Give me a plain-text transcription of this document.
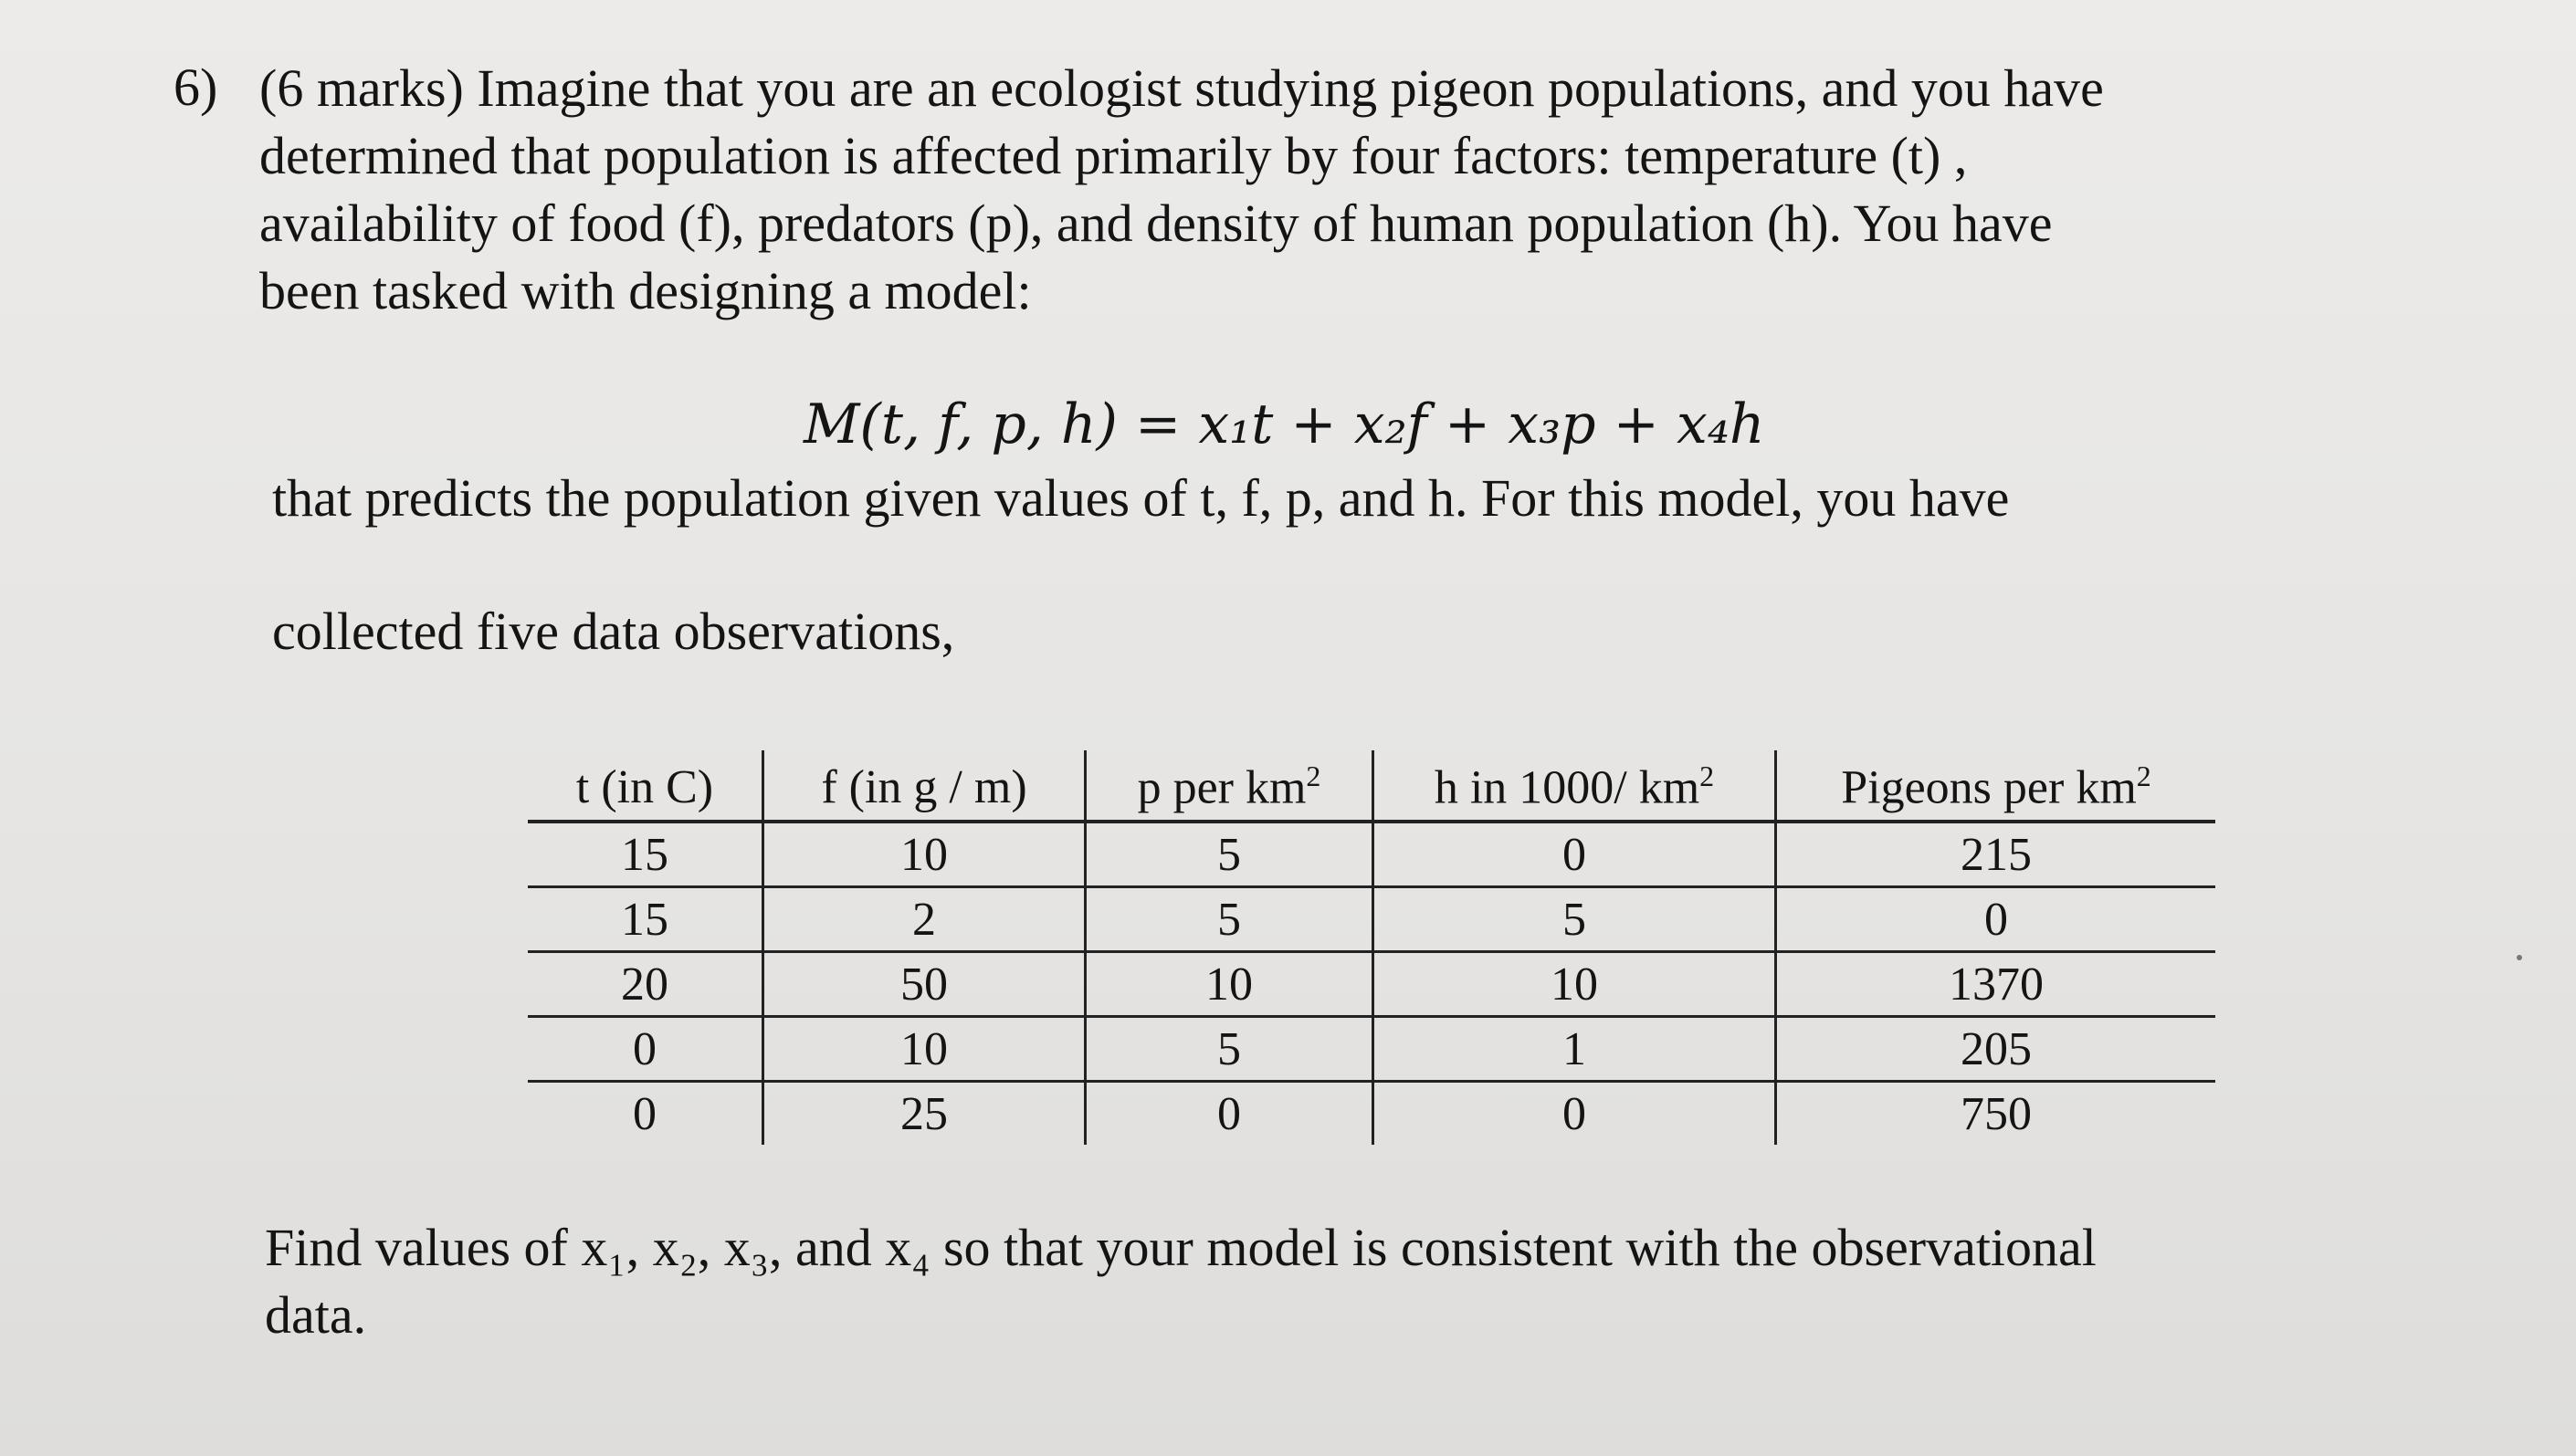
6) (6 marks) Imagine that you are an ecologist studying pigeon populations, and you have
determined that population is affected primarily by four factors: temperature (t) ,
availability of food (f), predators (p), and density of human population (h). You have
been tasked with designing a model:
M(t, f, p, h) = x₁t + x₂f + x₃p + x₄h
that predicts the population given values of t, f, p, and h. For this model, you have
collected five data observations,
t (in C)	f (in g / m)	p per $km^2$	h in 1000/ $km^2$	Pigeons per $km^2$
15	10	5	0	215
15	2	5	5	0
20	50	10	10	1370
0	10	5	1	205
0	25	0	0	750
Find values of x₁, x₂, x₃, and x₄ so that your model is consistent with the observational
data.
